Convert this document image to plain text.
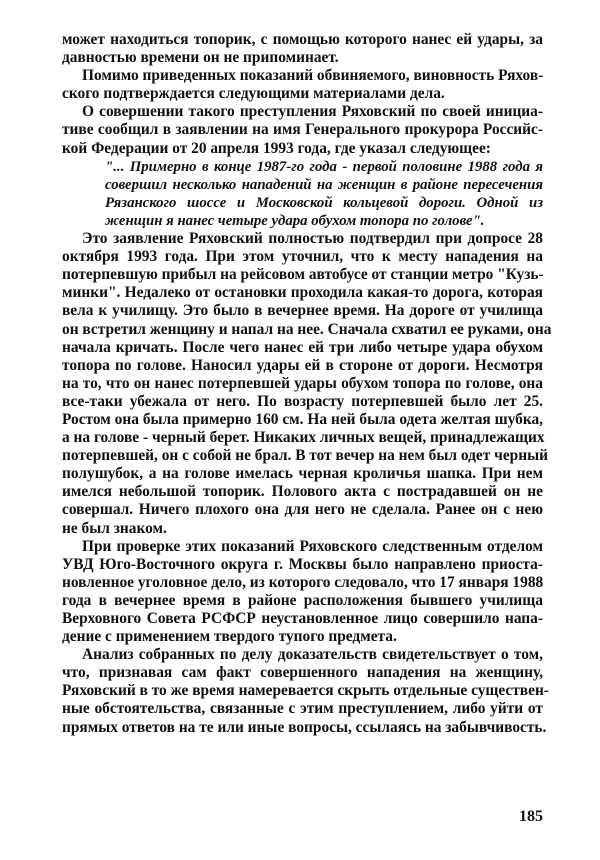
может находиться топорик, с помощью которого нанес ей удары, за
давностью времени он не припоминает.
Помимо приведенных показаний обвиняемого, виновность Ряхов-
ского подтверждается следующими материалами дела.
О совершении такого преступления Ряховский по своей инициа-
тиве сообщил в заявлении на имя Генерального прокурора Российс-
кой Федерации от 20 апреля 1993 года, где указал следующее:
"... Примерно в конце 1987-го года - первой половине 1988 года я
совершил несколько нападений на женщин в районе пересечения
Рязанского шоссе и Московской кольцевой дороги. Одной из
женщин я нанес четыре удара обухом топора по голове".
Это заявление Ряховский полностью подтвердил при допросе 28
октября 1993 года. При этом уточнил, что к месту нападения на
потерпевшую прибыл на рейсовом автобусе от станции метро "Кузь-
минки". Недалеко от остановки проходила какая-то дорога, которая
вела к училищу. Это было в вечернее время. На дороге от училища
он встретил женщину и напал на нее. Сначала схватил ее руками, она
начала кричать. После чего нанес ей три либо четыре удара обухом
топора по голове. Наносил удары ей в стороне от дороги. Несмотря
на то, что он нанес потерпевшей удары обухом топора по голове, она
все-таки убежала от него. По возрасту потерпевшей было лет 25.
Ростом она была примерно 160 см. На ней была одета желтая шубка,
а на голове - черный берет. Никаких личных вещей, принадлежащих
потерпевшей, он с собой не брал. В тот вечер на нем был одет черный
полушубок, а на голове имелась черная кроличья шапка. При нем
имелся небольшой топорик. Полового акта с пострадавшей он не
совершал. Ничего плохого она для него не сделала. Ранее он с нею
не был знаком.
При проверке этих показаний Ряховского следственным отделом
УВД Юго-Восточного округа г. Москвы было направлено приоста-
новленное уголовное дело, из которого следовало, что 17 января 1988
года в вечернее время в районе расположения бывшего училища
Верховного Совета РСФСР неустановленное лицо совершило напа-
дение с применением твердого тупого предмета.
Анализ собранных по делу доказательств свидетельствует о том,
что, признавая сам факт совершенного нападения на женщину,
Ряховский в то же время намеревается скрыть отдельные существен-
ные обстоятельства, связанные с этим преступлением, либо уйти от
прямых ответов на те или иные вопросы, ссылаясь на забывчивость.
185
